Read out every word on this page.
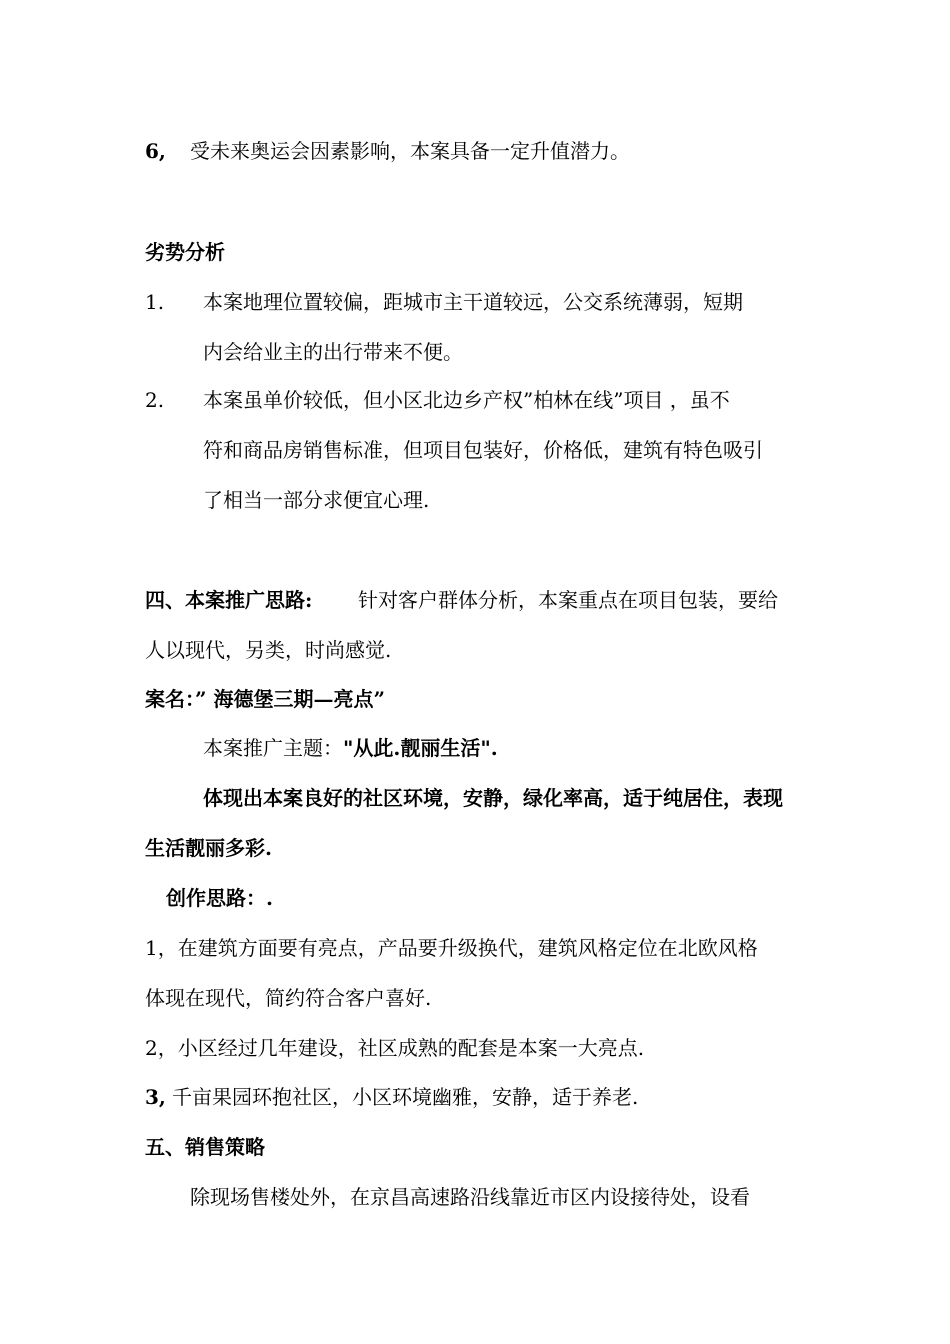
6, 受未来奥运会因素影响，本案具备一定升值潜力。
劣势分析
1. 本案地理位置较偏，距城市主干道较远，公交系统薄弱，短期
内会给业主的出行带来不便。
2. 本案虽单价较低，但小区北边乡产权”柏林在线”项目 ，虽不
符和商品房销售标准，但项目包装好，价格低，建筑有特色吸引
了相当一部分求便宜心理.
四、本案推广思路: 针对客户群体分析，本案重点在项目包装，要给
人以现代，另类，时尚感觉.
案名：” 海德堡三期—亮点”
本案推广主题："从此.靓丽生活".
体现出本案良好的社区环境，安静，绿化率高，适于纯居住，表现
生活靓丽多彩.
创作思路：.
1，在建筑方面要有亮点，产品要升级换代，建筑风格定位在北欧风格
体现在现代，简约符合客户喜好.
2，小区经过几年建设，社区成熟的配套是本案一大亮点.
3, 千亩果园环抱社区，小区环境幽雅，安静，适于养老.
五、销售策略
除现场售楼处外，在京昌高速路沿线靠近市区内设接待处，设看
